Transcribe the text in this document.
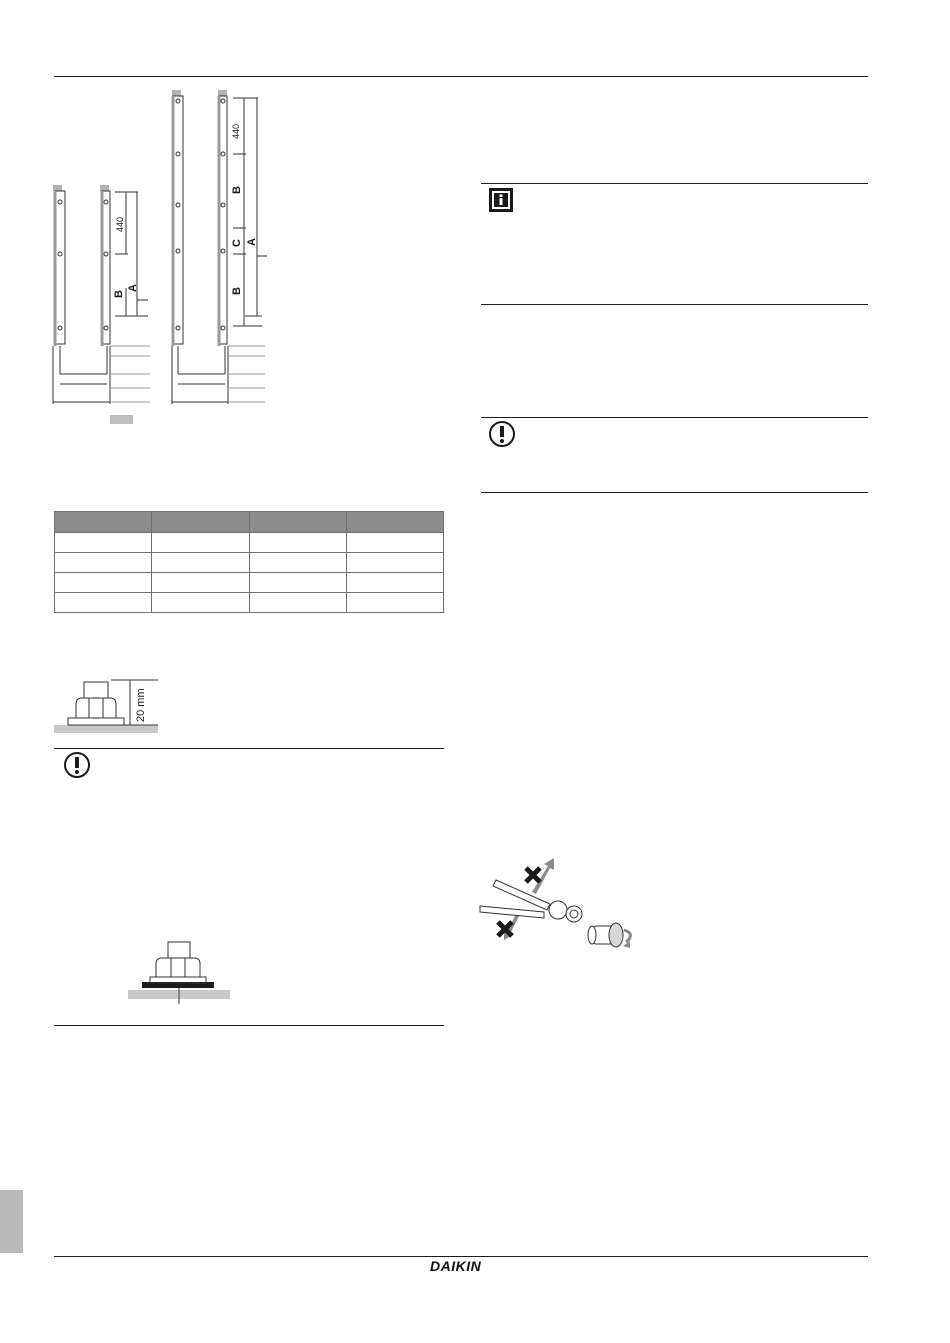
440
B
A
440
B
C
B
A

20 mm
DAIKIN
